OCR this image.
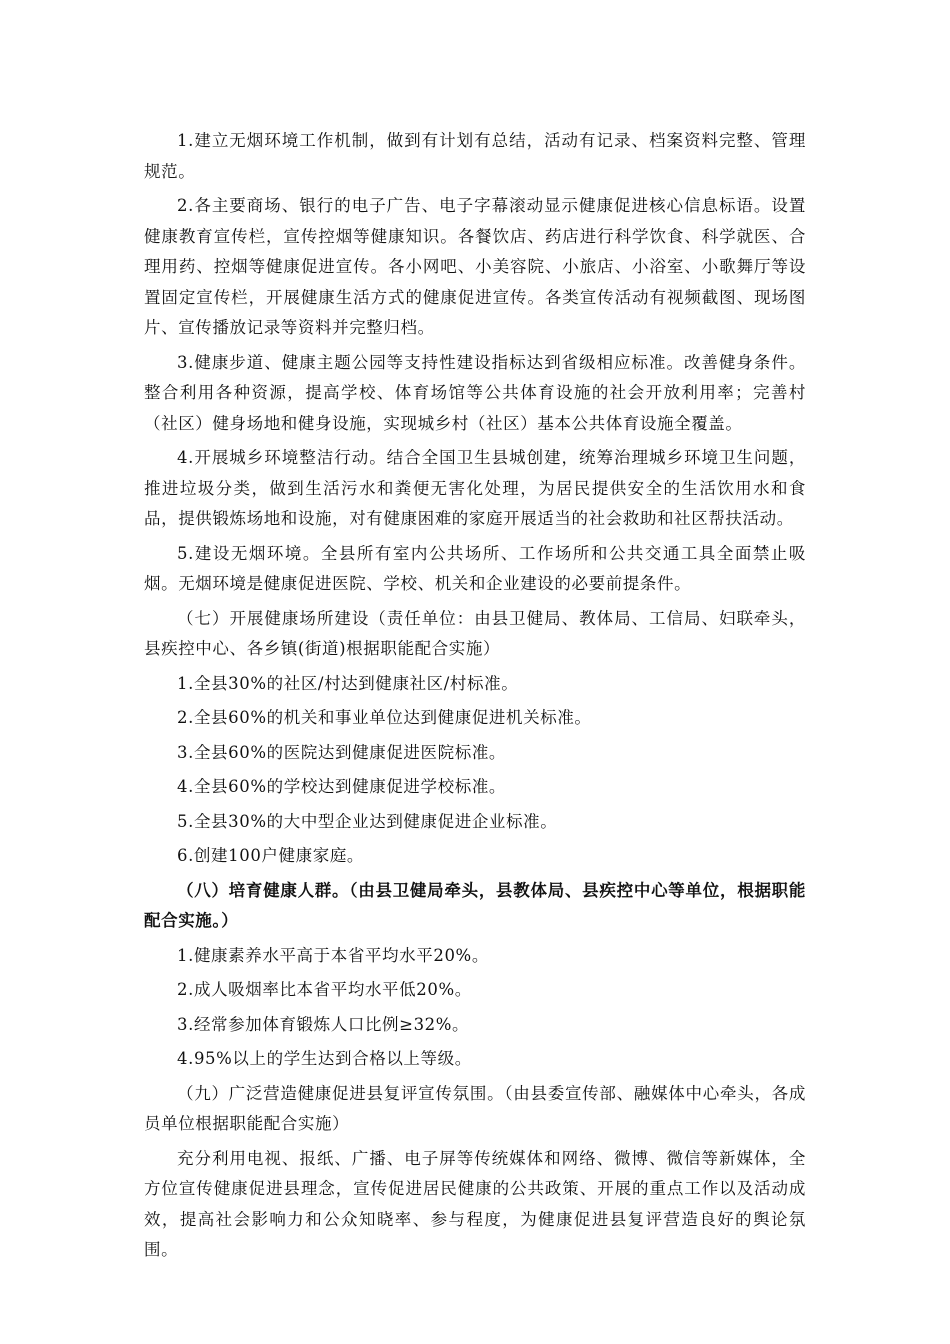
1.建立无烟环境工作机制，做到有计划有总结，活动有记录、档案资料完整、管理规范。

2.各主要商场、银行的电子广告、电子字幕滚动显示健康促进核心信息标语。设置健康教育宣传栏，宣传控烟等健康知识。各餐饮店、药店进行科学饮食、科学就医、合理用药、控烟等健康促进宣传。各小网吧、小美容院、小旅店、小浴室、小歌舞厅等设置固定宣传栏，开展健康生活方式的健康促进宣传。各类宣传活动有视频截图、现场图片、宣传播放记录等资料并完整归档。

3.健康步道、健康主题公园等支持性建设指标达到省级相应标准。改善健身条件。整合利用各种资源，提高学校、体育场馆等公共体育设施的社会开放利用率；完善村（社区）健身场地和健身设施，实现城乡村（社区）基本公共体育设施全覆盖。

4.开展城乡环境整洁行动。结合全国卫生县城创建，统筹治理城乡环境卫生问题，推进垃圾分类，做到生活污水和粪便无害化处理，为居民提供安全的生活饮用水和食品，提供锻炼场地和设施，对有健康困难的家庭开展适当的社会救助和社区帮扶活动。

5.建设无烟环境。全县所有室内公共场所、工作场所和公共交通工具全面禁止吸烟。无烟环境是健康促进医院、学校、机关和企业建设的必要前提条件。

（七）开展健康场所建设（责任单位：由县卫健局、教体局、工信局、妇联牵头，县疾控中心、各乡镇(街道)根据职能配合实施）

1.全县30%的社区/村达到健康社区/村标准。

2.全县60%的机关和事业单位达到健康促进机关标准。

3.全县60%的医院达到健康促进医院标准。

4.全县60%的学校达到健康促进学校标准。

5.全县30%的大中型企业达到健康促进企业标准。

6.创建100户健康家庭。

（八）培育健康人群。（由县卫健局牵头，县教体局、县疾控中心等单位，根据职能配合实施。）

1.健康素养水平高于本省平均水平20%。

2.成人吸烟率比本省平均水平低20%。

3.经常参加体育锻炼人口比例≥32%。

4.95%以上的学生达到合格以上等级。

（九）广泛营造健康促进县复评宣传氛围。（由县委宣传部、融媒体中心牵头，各成员单位根据职能配合实施）

充分利用电视、报纸、广播、电子屏等传统媒体和网络、微博、微信等新媒体，全方位宣传健康促进县理念，宣传促进居民健康的公共政策、开展的重点工作以及活动成效，提高社会影响力和公众知晓率、参与程度，为健康促进县复评营造良好的舆论氛围。
